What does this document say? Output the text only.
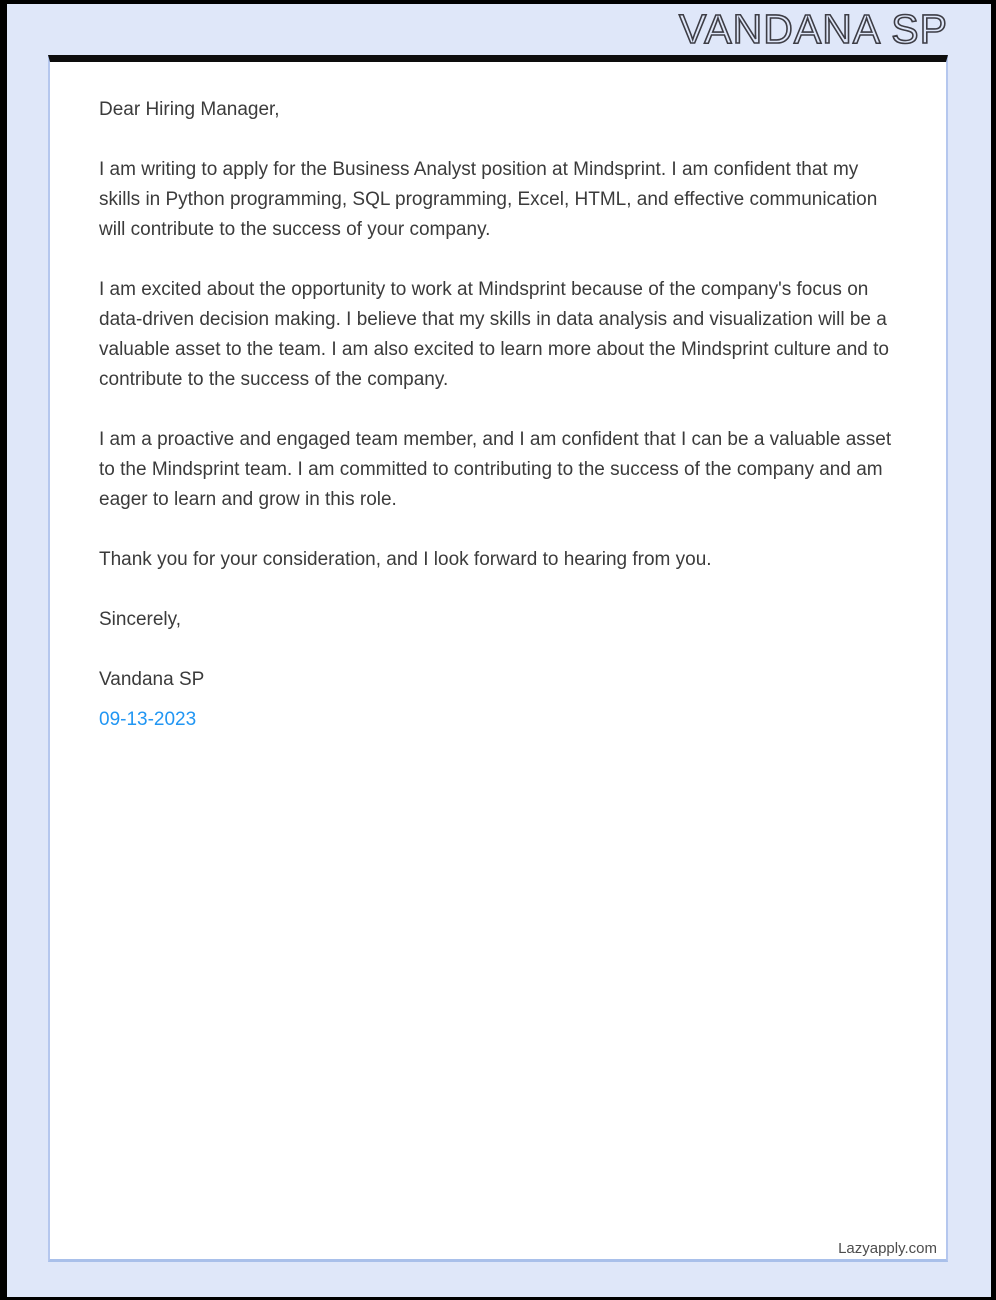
VANDANA SP

Dear Hiring Manager,

I am writing to apply for the Business Analyst position at Mindsprint. I am confident that my skills in Python programming, SQL programming, Excel, HTML, and effective communication will contribute to the success of your company.

I am excited about the opportunity to work at Mindsprint because of the company's focus on data-driven decision making. I believe that my skills in data analysis and visualization will be a valuable asset to the team. I am also excited to learn more about the Mindsprint culture and to contribute to the success of the company.

I am a proactive and engaged team member, and I am confident that I can be a valuable asset to the Mindsprint team. I am committed to contributing to the success of the company and am eager to learn and grow in this role.

Thank you for your consideration, and I look forward to hearing from you.

Sincerely,

Vandana SP

09-13-2023

Lazyapply.com
